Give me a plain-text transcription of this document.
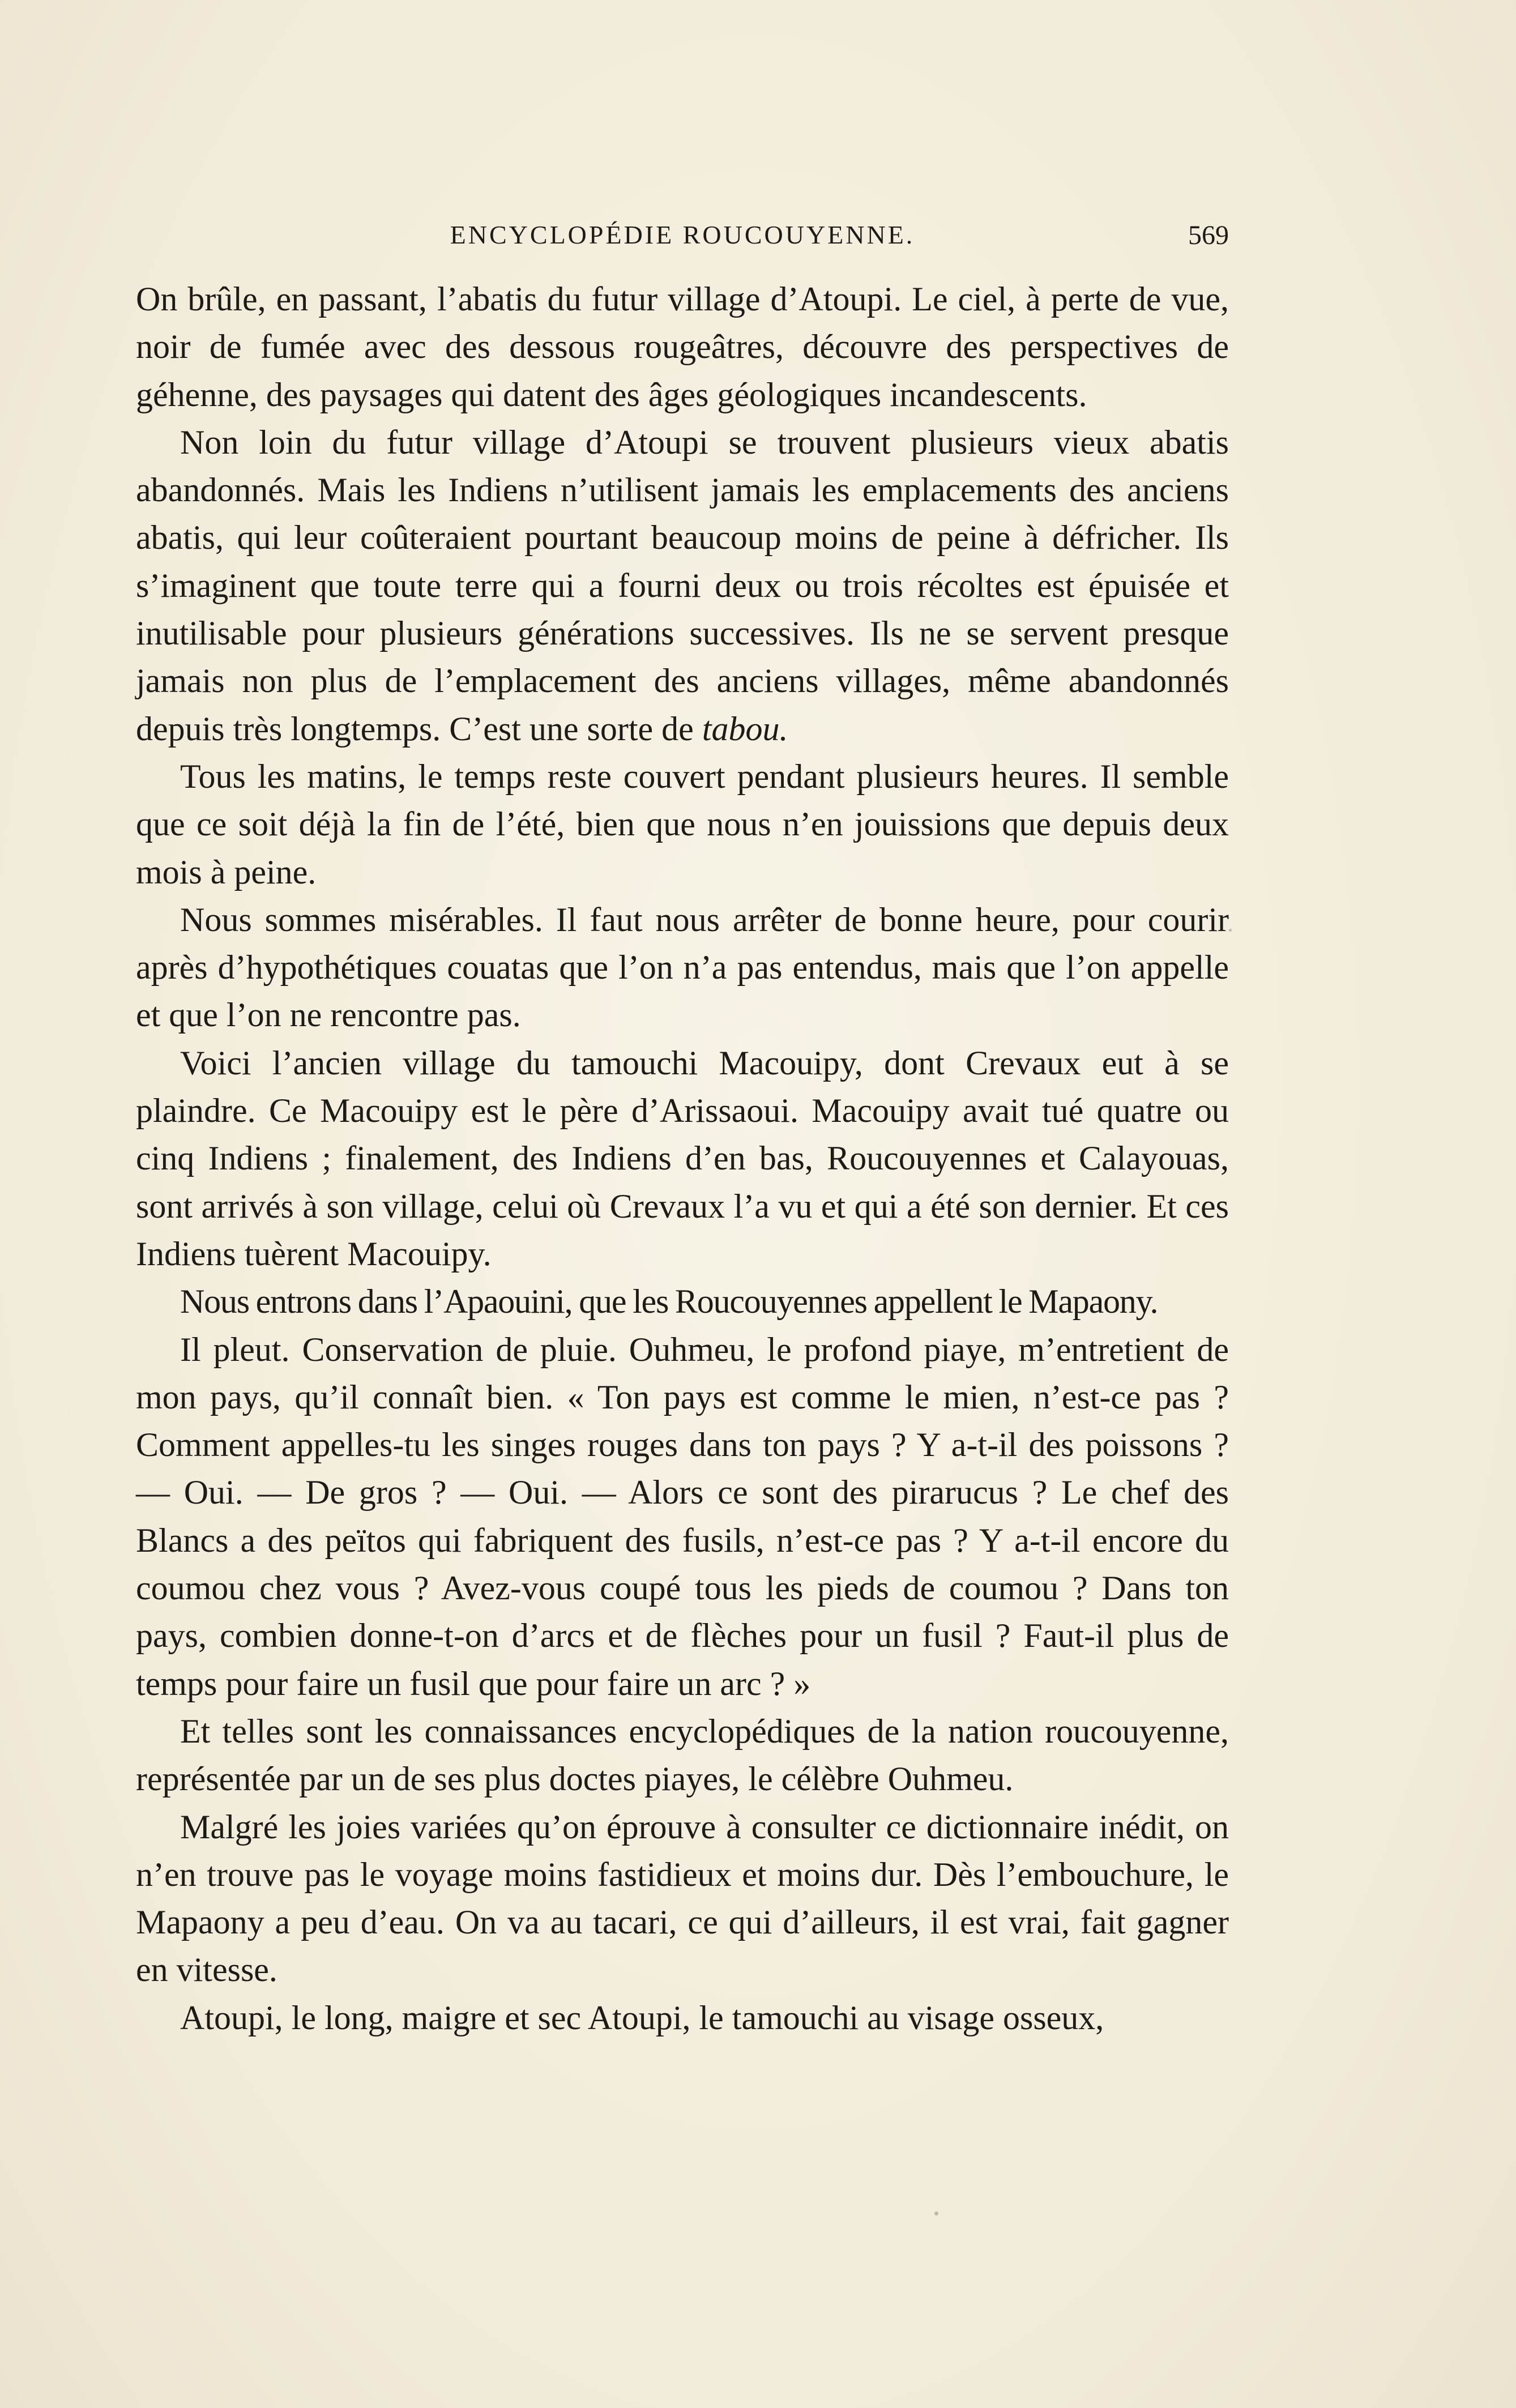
ENCYCLOPÉDIE ROUCOUYENNE.	569

On brûle, en passant, l’abatis du futur village d’Atoupi. Le ciel, à perte de vue, noir de fumée avec des dessous rougeâtres, découvre des perspectives de géhenne, des paysages qui datent des âges géologiques incandescents.

Non loin du futur village d’Atoupi se trouvent plusieurs vieux abatis abandonnés. Mais les Indiens n’utilisent jamais les emplacements des anciens abatis, qui leur coûteraient pourtant beaucoup moins de peine à défricher. Ils s’imaginent que toute terre qui a fourni deux ou trois récoltes est épuisée et inutilisable pour plusieurs générations successives. Ils ne se servent presque jamais non plus de l’emplacement des anciens villages, même abandonnés depuis très longtemps. C’est une sorte de tabou.

Tous les matins, le temps reste couvert pendant plusieurs heures. Il semble que ce soit déjà la fin de l’été, bien que nous n’en jouissions que depuis deux mois à peine.

Nous sommes misérables. Il faut nous arrêter de bonne heure, pour courir après d’hypothétiques couatas que l’on n’a pas entendus, mais que l’on appelle et que l’on ne rencontre pas.

Voici l’ancien village du tamouchi Macouipy, dont Crevaux eut à se plaindre. Ce Macouipy est le père d’Arissaoui. Macouipy avait tué quatre ou cinq Indiens ; finalement, des Indiens d’en bas, Roucouyennes et Calayouas, sont arrivés à son village, celui où Crevaux l’a vu et qui a été son dernier. Et ces Indiens tuèrent Macouipy.

Nous entrons dans l’Apaouini, que les Roucouyennes appellent le Mapaony.

Il pleut. Conservation de pluie. Ouhmeu, le profond piaye, m’entretient de mon pays, qu’il connaît bien. « Ton pays est comme le mien, n’est-ce pas ? Comment appelles-tu les singes rouges dans ton pays ? Y a-t-il des poissons ? — Oui. — De gros ? — Oui. — Alors ce sont des pirarucus ? Le chef des Blancs a des peïtos qui fabriquent des fusils, n’est-ce pas ? Y a-t-il encore du coumou chez vous ? Avez-vous coupé tous les pieds de coumou ? Dans ton pays, combien donne-t-on d’arcs et de flèches pour un fusil ? Faut-il plus de temps pour faire un fusil que pour faire un arc ? »

Et telles sont les connaissances encyclopédiques de la nation roucouyenne, représentée par un de ses plus doctes piayes, le célèbre Ouhmeu.

Malgré les joies variées qu’on éprouve à consulter ce dictionnaire inédit, on n’en trouve pas le voyage moins fastidieux et moins dur. Dès l’embouchure, le Mapaony a peu d’eau. On va au tacari, ce qui d’ailleurs, il est vrai, fait gagner en vitesse.

Atoupi, le long, maigre et sec Atoupi, le tamouchi au visage osseux,
